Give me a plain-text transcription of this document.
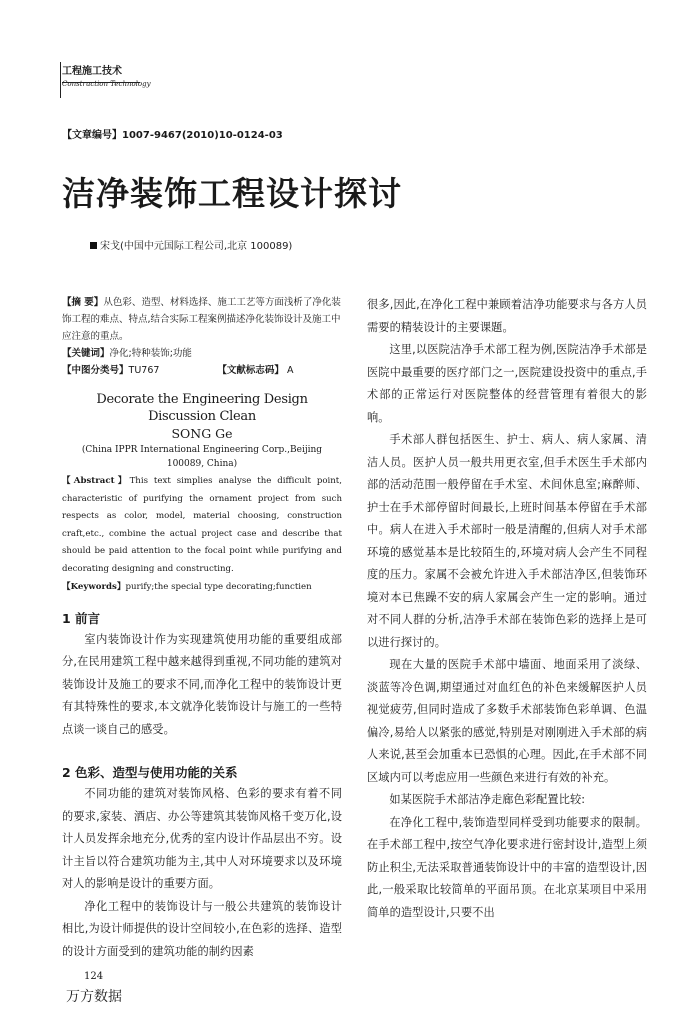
工程施工技术
Construction Technology
【文章编号】1007-9467(2010)10-0124-03
洁净装饰工程设计探讨
宋戈(中国中元国际工程公司,北京 100089)
【摘 要】从色彩、造型、材料选择、施工工艺等方面浅析了净化装饰工程的难点、特点,结合实际工程案例描述净化装饰设计及施工中应注意的重点。
【关键词】净化;特种装饰;功能
【中图分类号】TU767	【文献标志码】 A
Decorate the Engineering Design Discussion Clean
SONG Ge
(China IPPR International Engineering Corp.,Beijing 100089, China)
【Abstract】This text simplies analyse the difficult point, characteristic of purifying the ornament project from such respects as color, model, material choosing, construction craft,etc., combine the actual project case and describe that should be paid attention to the focal point while purifying and decorating designing and constructing.
【Keywords】purify;the special type decorating;functien
1 前言

室内装饰设计作为实现建筑使用功能的重要组成部分,在民用建筑工程中越来越得到重视,不同功能的建筑对装饰设计及施工的要求不同,而净化工程中的装饰设计更有其特殊性的要求,本文就净化装饰设计与施工的一些特点谈一谈自己的感受。

2 色彩、造型与使用功能的关系

不同功能的建筑对装饰风格、色彩的要求有着不同的要求,家装、酒店、办公等建筑其装饰风格千变万化,设计人员发挥余地充分,优秀的室内设计作品层出不穷。设计主旨以符合建筑功能为主,其中人对环境要求以及环境对人的影响是设计的重要方面。

净化工程中的装饰设计与一般公共建筑的装饰设计相比,为设计师提供的设计空间较小,在色彩的选择、造型的设计方面受到的建筑功能的制约因素

很多,因此,在净化工程中兼顾着洁净功能要求与各方人员需要的精装设计的主要课题。

这里,以医院洁净手术部工程为例,医院洁净手术部是医院中最重要的医疗部门之一,医院建设投资中的重点,手术部的正常运行对医院整体的经营管理有着很大的影响。

手术部人群包括医生、护士、病人、病人家属、清洁人员。医护人员一般共用更衣室,但手术医生手术部内部的活动范围一般停留在手术室、术间休息室;麻醉师、护士在手术部停留时间最长,上班时间基本停留在手术部中。病人在进入手术部时一般是清醒的,但病人对手术部环境的感觉基本是比较陌生的,环境对病人会产生不同程度的压力。家属不会被允许进入手术部洁净区,但装饰环境对本已焦躁不安的病人家属会产生一定的影响。通过对不同人群的分析,洁净手术部在装饰色彩的选择上是可以进行探讨的。

现在大量的医院手术部中墙面、地面采用了淡绿、淡蓝等冷色调,期望通过对血红色的补色来缓解医护人员视觉疲劳,但同时造成了多数手术部装饰色彩单调、色温偏冷,易给人以紧张的感觉,特别是对刚刚进入手术部的病人来说,甚至会加重本已恐惧的心理。因此,在手术部不同区域内可以考虑应用一些颜色来进行有效的补充。

如某医院手术部洁净走廊色彩配置比较:

在净化工程中,装饰造型同样受到功能要求的限制。在手术部工程中,按空气净化要求进行密封设计,造型上须防止积尘,无法采取普通装饰设计中的丰富的造型设计,因此,一般采取比较简单的平面吊顶。在北京某项目中采用简单的造型设计,只要不出

124
万方数据
